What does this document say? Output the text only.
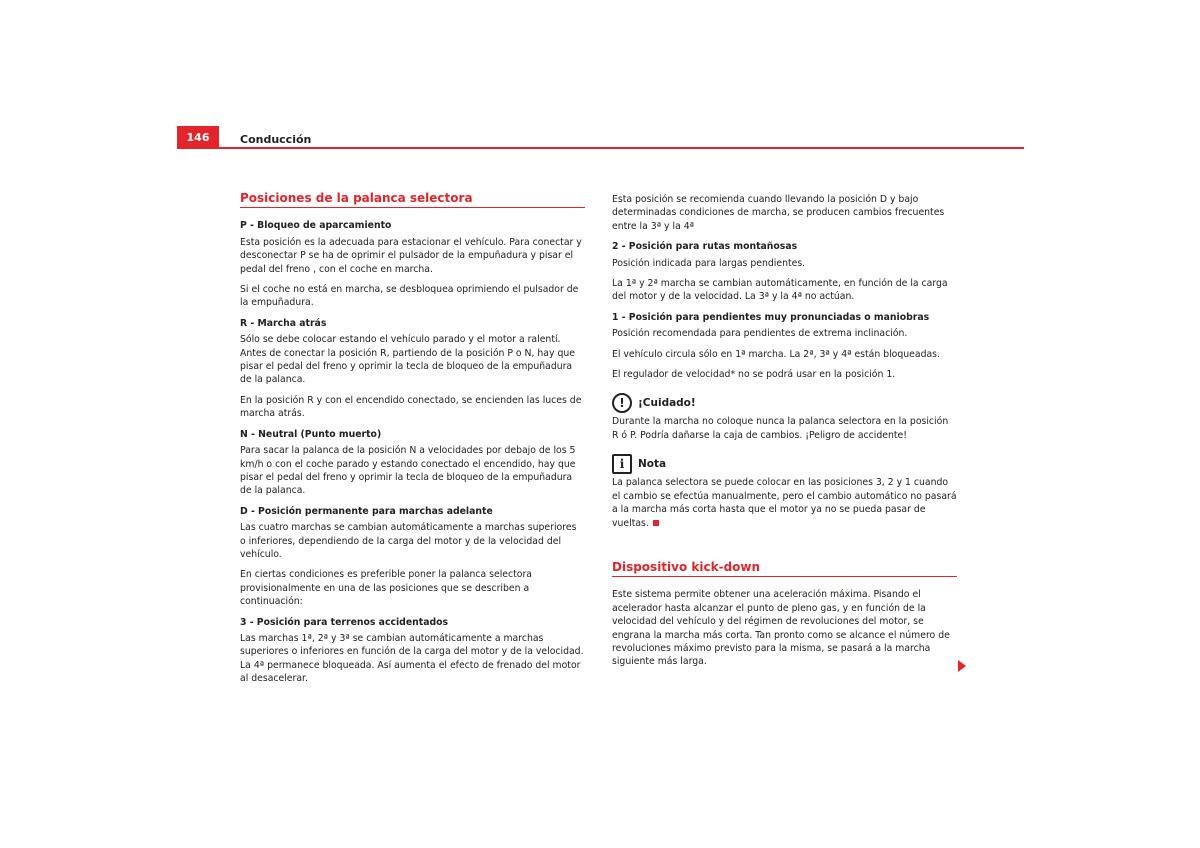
146	Conducción
Posiciones de la palanca selectora
P - Bloqueo de aparcamiento

Esta posición es la adecuada para estacionar el vehículo. Para conectar y desconectar P se ha de oprimir el pulsador de la empuñadura y pisar el pedal del freno , con el coche en marcha.

Si el coche no está en marcha, se desbloquea oprimiendo el pulsador de la empuñadura.

R - Marcha atrás

Sólo se debe colocar estando el vehículo parado y el motor a ralentí. Antes de conectar la posición R, partiendo de la posición P o N, hay que pisar el pedal del freno y oprimir la tecla de bloqueo de la empuñadura de la palanca.

En la posición R y con el encendido conectado, se encienden las luces de marcha atrás.

N - Neutral (Punto muerto)

Para sacar la palanca de la posición N a velocidades por debajo de los 5 km/h o con el coche parado y estando conectado el encendido, hay que pisar el pedal del freno y oprimir la tecla de bloqueo de la empuñadura de la palanca.

D - Posición permanente para marchas adelante

Las cuatro marchas se cambian automáticamente a marchas superiores o inferiores, dependiendo de la carga del motor y de la velocidad del vehículo.

En ciertas condiciones es preferible poner la palanca selectora provisionalmente en una de las posiciones que se describen a continuación:

3 - Posición para terrenos accidentados

Las marchas 1ª, 2ª y 3ª se cambian automáticamente a marchas superiores o inferiores en función de la carga del motor y de la velocidad. La 4ª permanece bloqueada. Así aumenta el efecto de frenado del motor al desacelerar.

Esta posición se recomienda cuando llevando la posición D y bajo determinadas condiciones de marcha, se producen cambios frecuentes entre la 3ª y la 4ª

2 - Posición para rutas montañosas

Posición indicada para largas pendientes.

La 1ª y 2ª marcha se cambian automáticamente, en función de la carga del motor y de la velocidad. La 3ª y la 4ª no actúan.

1 - Posición para pendientes muy pronunciadas o maniobras

Posición recomendada para pendientes de extrema inclinación.

El vehículo circula sólo en 1ª marcha. La 2ª, 3ª y 4ª están bloqueadas.

El regulador de velocidad* no se podrá usar en la posición 1.

!	¡Cuidado!

Durante la marcha no coloque nunca la palanca selectora en la posición R ó P. Podría dañarse la caja de cambios. ¡Peligro de accidente!

i	Nota

La palanca selectora se puede colocar en las posiciones 3, 2 y 1 cuando el cambio se efectúa manualmente, pero el cambio automático no pasará a la marcha más corta hasta que el motor ya no se pueda pasar de vueltas.

Dispositivo kick-down

Este sistema permite obtener una aceleración máxima. Pisando el acelerador hasta alcanzar el punto de pleno gas, y en función de la velocidad del vehículo y del régimen de revoluciones del motor, se engrana la marcha más corta. Tan pronto como se alcance el número de revoluciones máximo previsto para la misma, se pasará a la marcha siguiente más larga.
